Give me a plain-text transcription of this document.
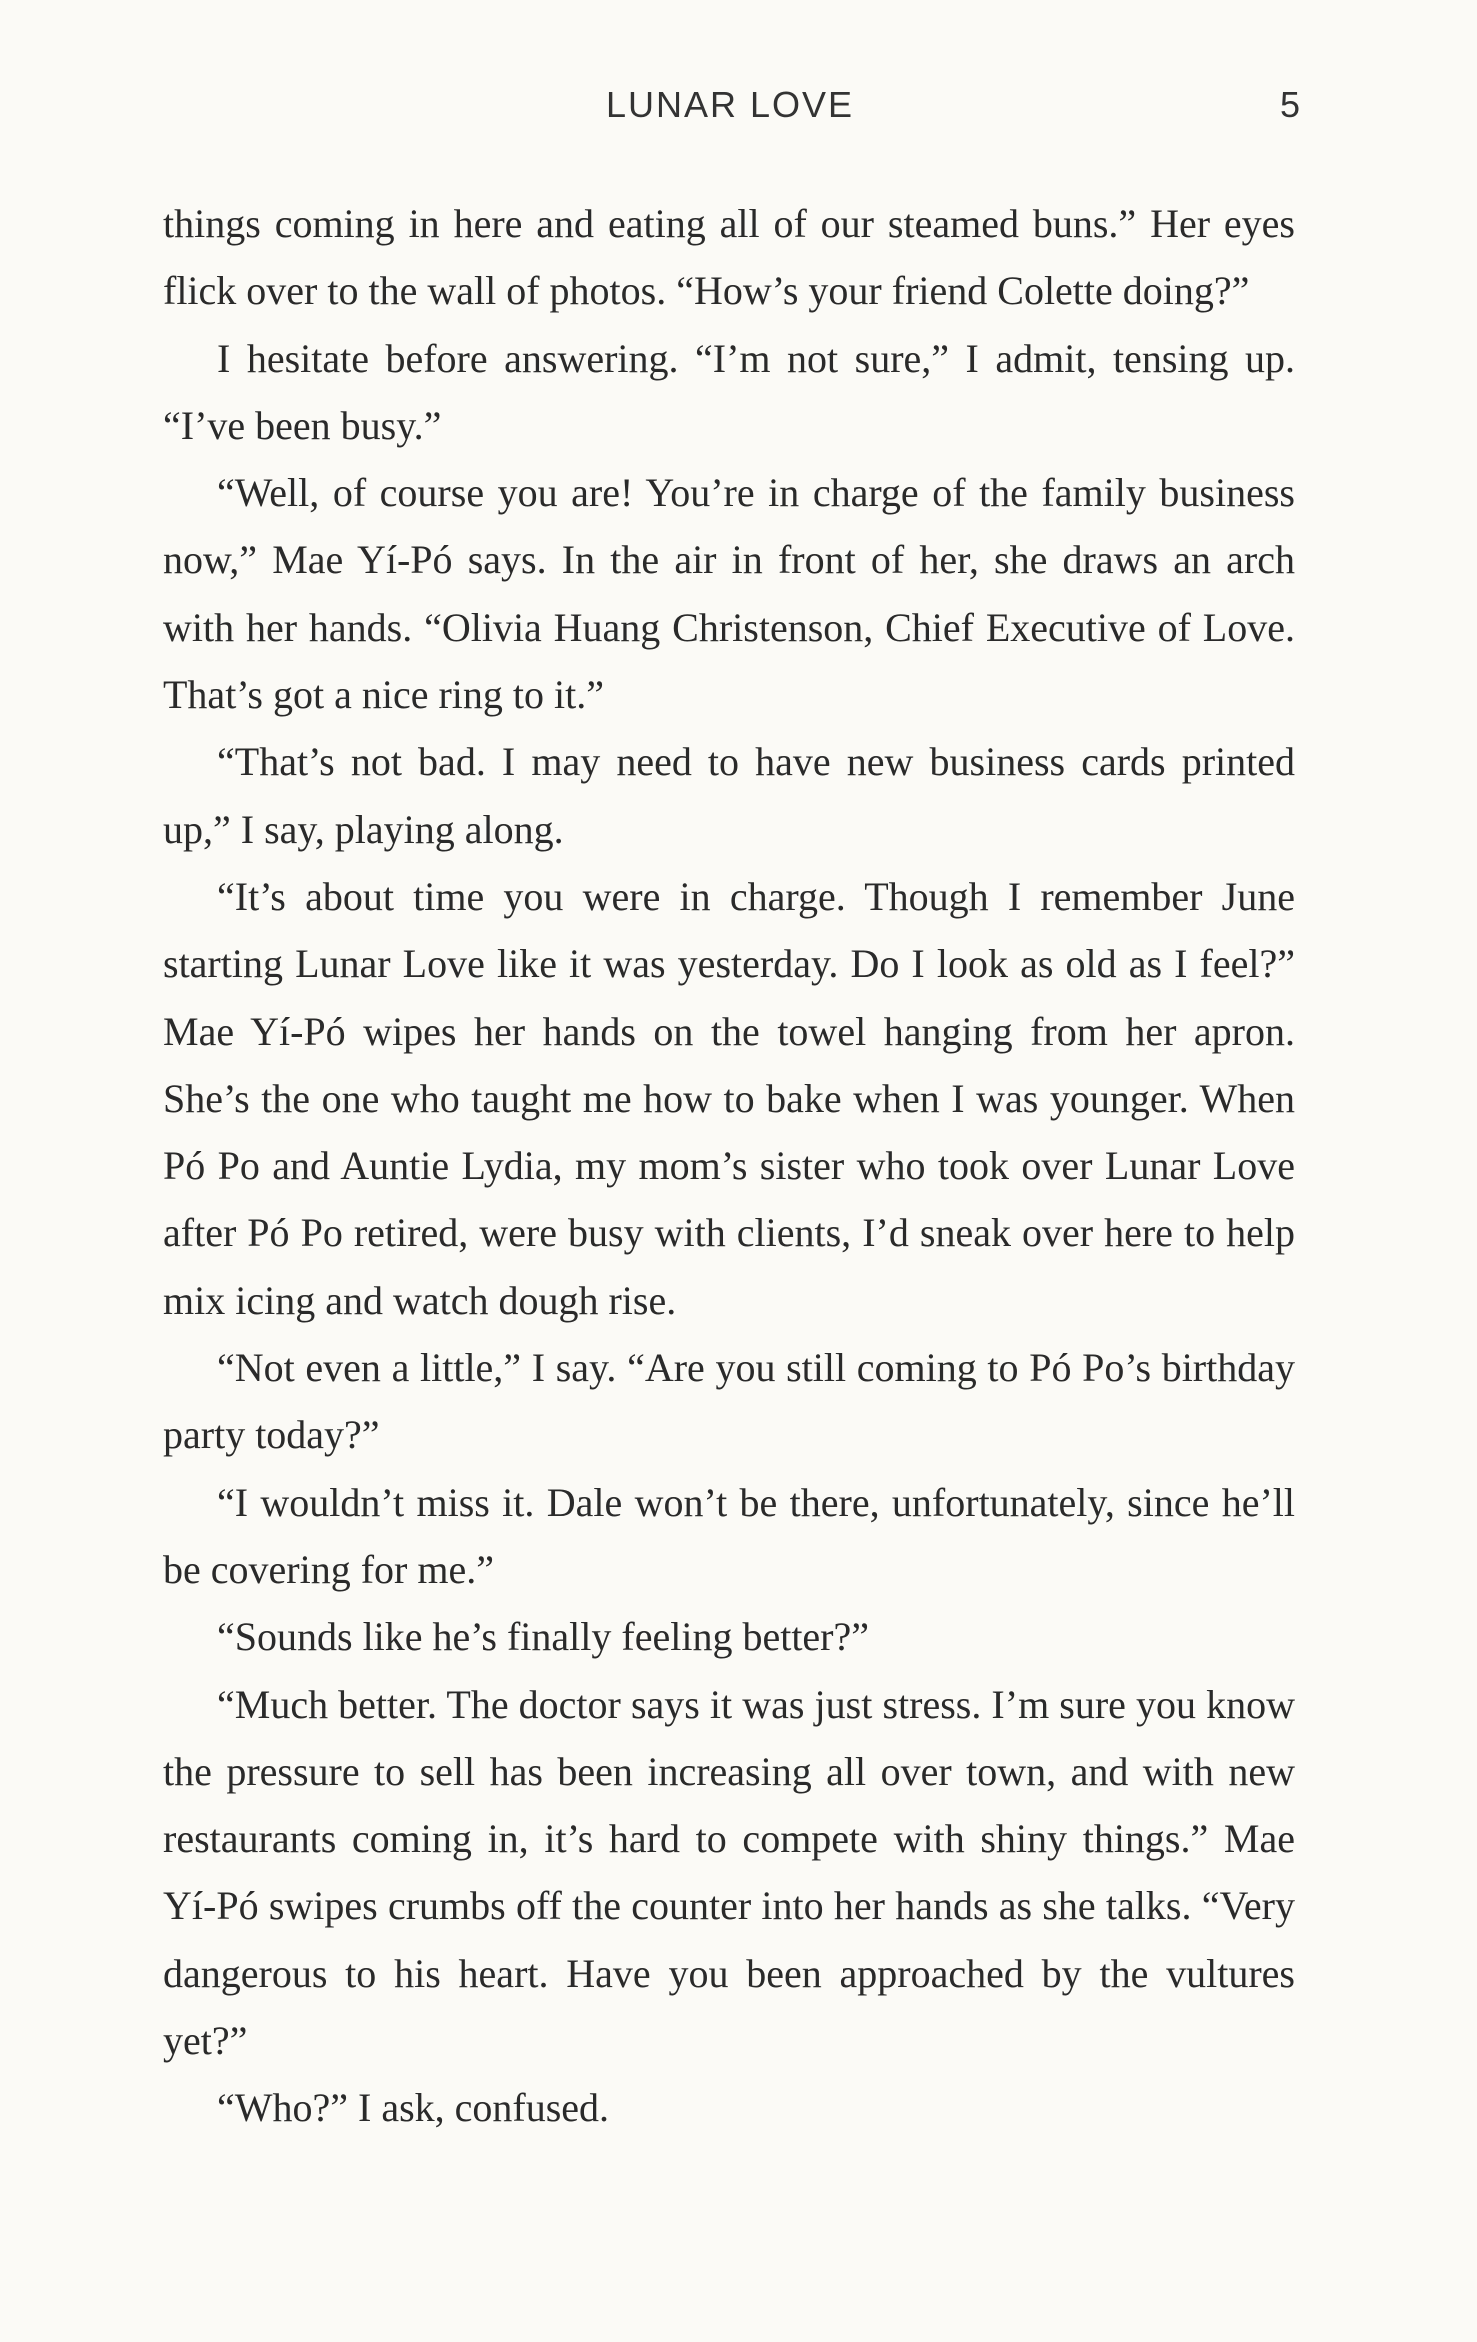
LUNAR LOVE	5

things coming in here and eating all of our steamed buns.” Her eyes flick over to the wall of photos. “How’s your friend Colette doing?”

I hesitate before answering. “I’m not sure,” I admit, tensing up. “I’ve been busy.”

“Well, of course you are! You’re in charge of the family business now,” Mae Yí-Pó says. In the air in front of her, she draws an arch with her hands. “Olivia Huang Christenson, Chief Executive of Love. That’s got a nice ring to it.”

“That’s not bad. I may need to have new business cards printed up,” I say, playing along.

“It’s about time you were in charge. Though I remember June starting Lunar Love like it was yesterday. Do I look as old as I feel?” Mae Yí-Pó wipes her hands on the towel hanging from her apron. She’s the one who taught me how to bake when I was younger. When Pó Po and Auntie Lydia, my mom’s sister who took over Lunar Love after Pó Po retired, were busy with clients, I’d sneak over here to help mix icing and watch dough rise.

“Not even a little,” I say. “Are you still coming to Pó Po’s birthday party today?”

“I wouldn’t miss it. Dale won’t be there, unfortunately, since he’ll be covering for me.”

“Sounds like he’s finally feeling better?”

“Much better. The doctor says it was just stress. I’m sure you know the pressure to sell has been increasing all over town, and with new restaurants coming in, it’s hard to compete with shiny things.” Mae Yí-Pó swipes crumbs off the counter into her hands as she talks. “Very dangerous to his heart. Have you been approached by the vultures yet?”

“Who?” I ask, confused.
